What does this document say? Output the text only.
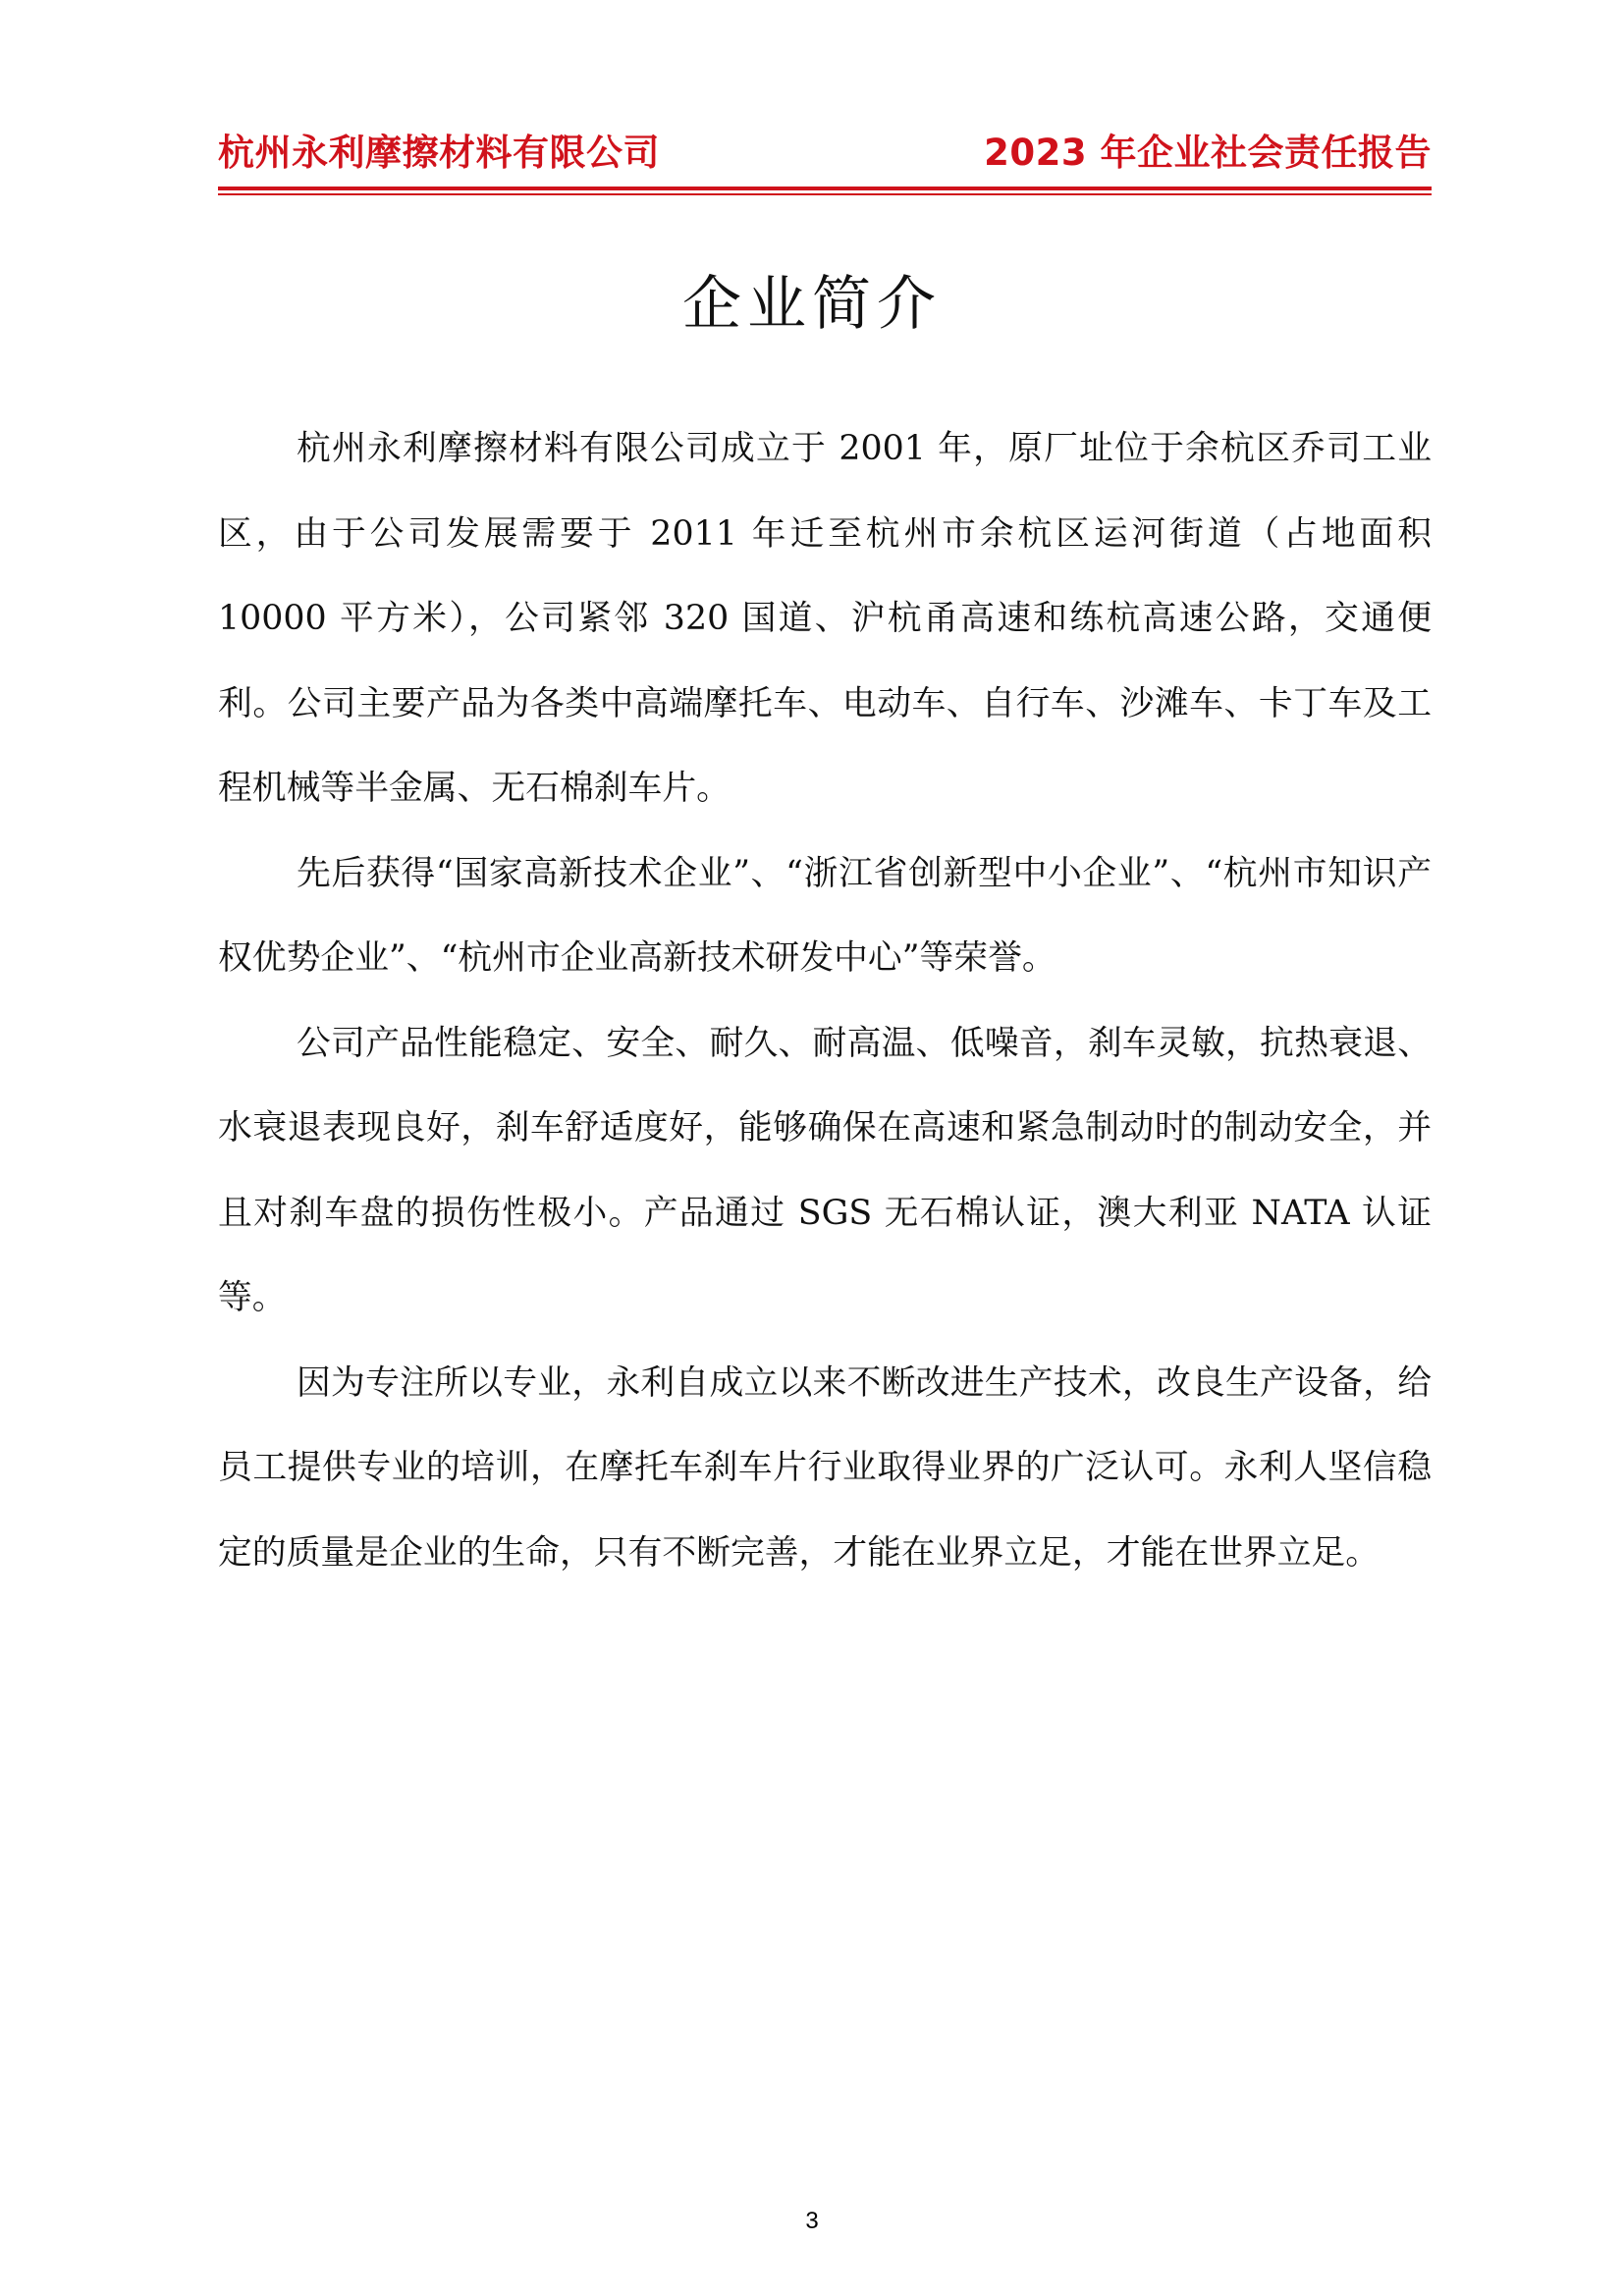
杭州永利摩擦材料有限公司	2023 年企业社会责任报告
企业简介

杭州永利摩擦材料有限公司成立于 2001 年，原厂址位于余杭区乔司工业区，由于公司发展需要于 2011 年迁至杭州市余杭区运河街道（占地面积 10000 平方米），公司紧邻 320 国道、沪杭甬高速和练杭高速公路，交通便利。公司主要产品为各类中高端摩托车、电动车、自行车、沙滩车、卡丁车及工程机械等半金属、无石棉刹车片。

先后获得“国家高新技术企业”、“浙江省创新型中小企业”、“杭州市知识产权优势企业”、“杭州市企业高新技术研发中心”等荣誉。

公司产品性能稳定、安全、耐久、耐高温、低噪音，刹车灵敏，抗热衰退、水衰退表现良好，刹车舒适度好，能够确保在高速和紧急制动时的制动安全，并且对刹车盘的损伤性极小。产品通过 SGS 无石棉认证，澳大利亚 NATA 认证等。

因为专注所以专业，永利自成立以来不断改进生产技术，改良生产设备，给员工提供专业的培训，在摩托车刹车片行业取得业界的广泛认可。永利人坚信稳定的质量是企业的生命，只有不断完善，才能在业界立足，才能在世界立足。

3
